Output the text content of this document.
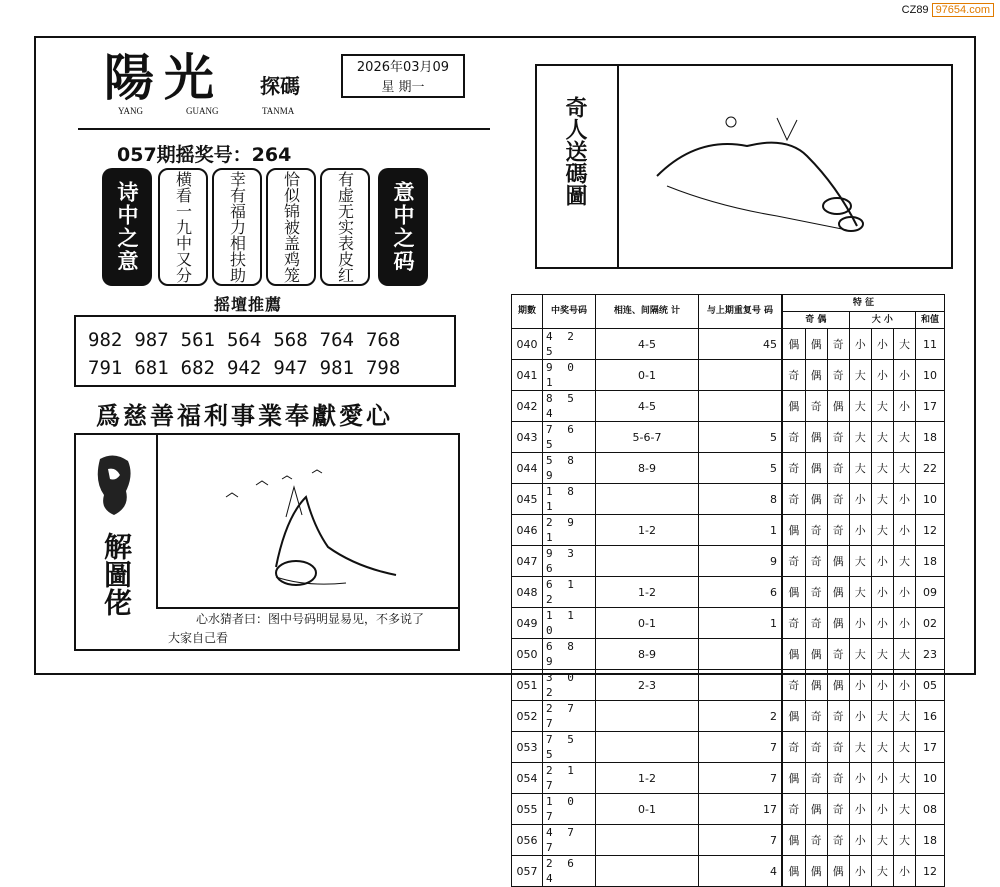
CZ89 97654.com
陽光 探碼
YANG	GUANG	TANMA
2026年03月09
星 期一
057期摇奖号：264
诗中之意	横看一九中又分	幸有福力相扶助	恰似锦被盖鸡笼	有虚无实表皮红	意中之码
摇壇推薦
982 987 561 564 568 764 768
791 681 682 942 947 981 798
爲慈善福利事業奉獻愛心
解圖佬
心水猜者曰：图中号码明显易见，不多说了
大家自己看
奇人送碼圖
期數	中奖号码	相连、间隔统 计	与上期重复号 码	特 征						
				奇 偶			大 小			和值
040	4 2 5	4-5	45	偶	偶	奇	小	小	大	11
041	9 0 1	0-1		奇	偶	奇	大	小	小	10
042	8 5 4	4-5		偶	奇	偶	大	大	小	17
043	7 6 5	5-6-7	5	奇	偶	奇	大	大	大	18
044	5 8 9	8-9	5	奇	偶	奇	大	大	大	22
045	1 8 1		8	奇	偶	奇	小	大	小	10
046	2 9 1	1-2	1	偶	奇	奇	小	大	小	12
047	9 3 6		9	奇	奇	偶	大	小	大	18
048	6 1 2	1-2	6	偶	奇	偶	大	小	小	09
049	1 1 0	0-1	1	奇	奇	偶	小	小	小	02
050	6 8 9	8-9		偶	偶	奇	大	大	大	23
051	3 0 2	2-3		奇	偶	偶	小	小	小	05
052	2 7 7		2	偶	奇	奇	小	大	大	16
053	7 5 5		7	奇	奇	奇	大	大	大	17
054	2 1 7	1-2	7	偶	奇	奇	小	小	大	10
055	1 0 7	0-1	17	奇	偶	奇	小	小	大	08
056	4 7 7		7	偶	奇	奇	小	大	大	18
057	2 6 4		4	偶	偶	偶	小	大	小	12
